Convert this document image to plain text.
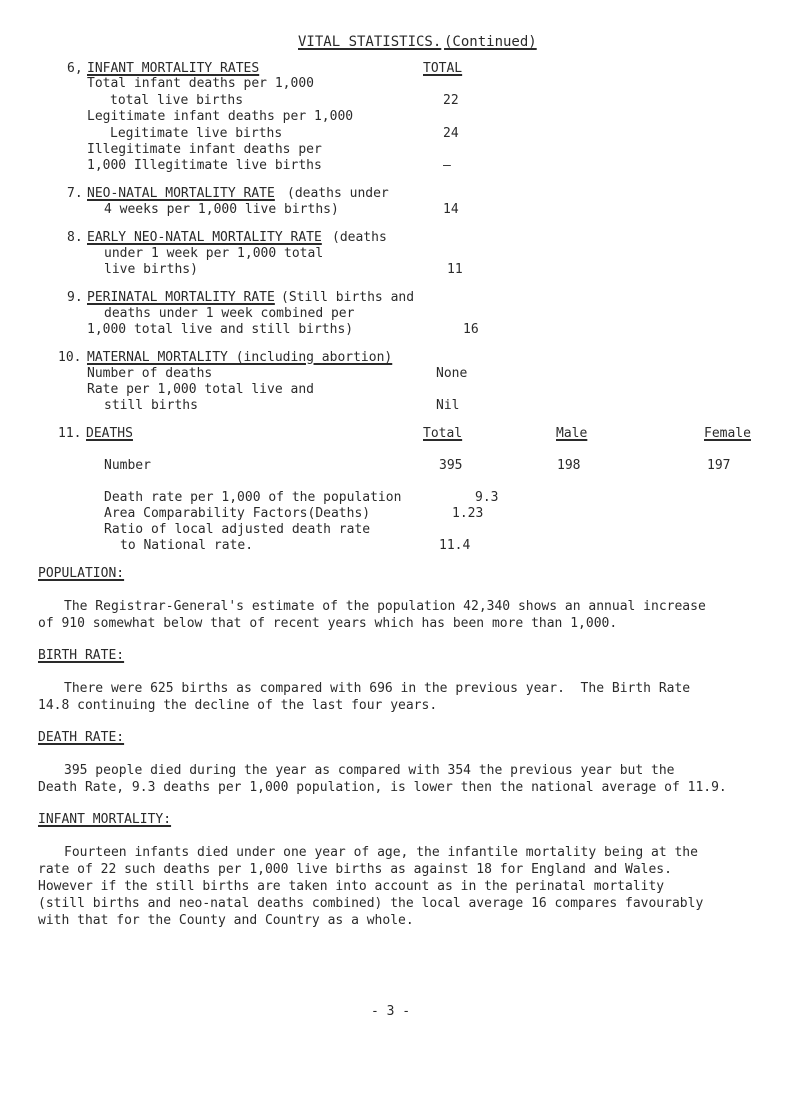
VITAL STATISTICS. (Continued)
6, INFANT MORTALITY RATES	TOTAL
Total infant deaths per 1,000
total live births	22
Legitimate infant deaths per 1,000
Legitimate live births	24
Illegitimate infant deaths per
1,000 Illegitimate live births	—
7. NEO-NATAL MORTALITY RATE (deaths under
4 weeks per 1,000 live births)	14
8. EARLY NEO-NATAL MORTALITY RATE (deaths
under 1 week per 1,000 total
live births)	11
9. PERINATAL MORTALITY RATE (Still births and
deaths under 1 week combined per
1,000 total live and still births)	16
10. MATERNAL MORTALITY (including abortion)
Number of deaths	None
Rate per 1,000 total live and
still births	Nil
11. DEATHS	Total	Male	Female
Number	395	198	197
Death rate per 1,000 of the population	9.3
Area Comparability Factors(Deaths)	1.23
Ratio of local adjusted death rate
to National rate.	11.4
POPULATION:
The Registrar-General's estimate of the population 42,340 shows an annual increase
of 910 somewhat below that of recent years which has been more than 1,000.
BIRTH RATE:
There were 625 births as compared with 696 in the previous year.  The Birth Rate
14.8 continuing the decline of the last four years.
DEATH RATE:
395 people died during the year as compared with 354 the previous year but the
Death Rate, 9.3 deaths per 1,000 population, is lower then the national average of 11.9.
INFANT MORTALITY:
Fourteen infants died under one year of age, the infantile mortality being at the
rate of 22 such deaths per 1,000 live births as against 18 for England and Wales.
However if the still births are taken into account as in the perinatal mortality
(still births and neo-natal deaths combined) the local average 16 compares favourably
with that for the County and Country as a whole.
- 3 -
